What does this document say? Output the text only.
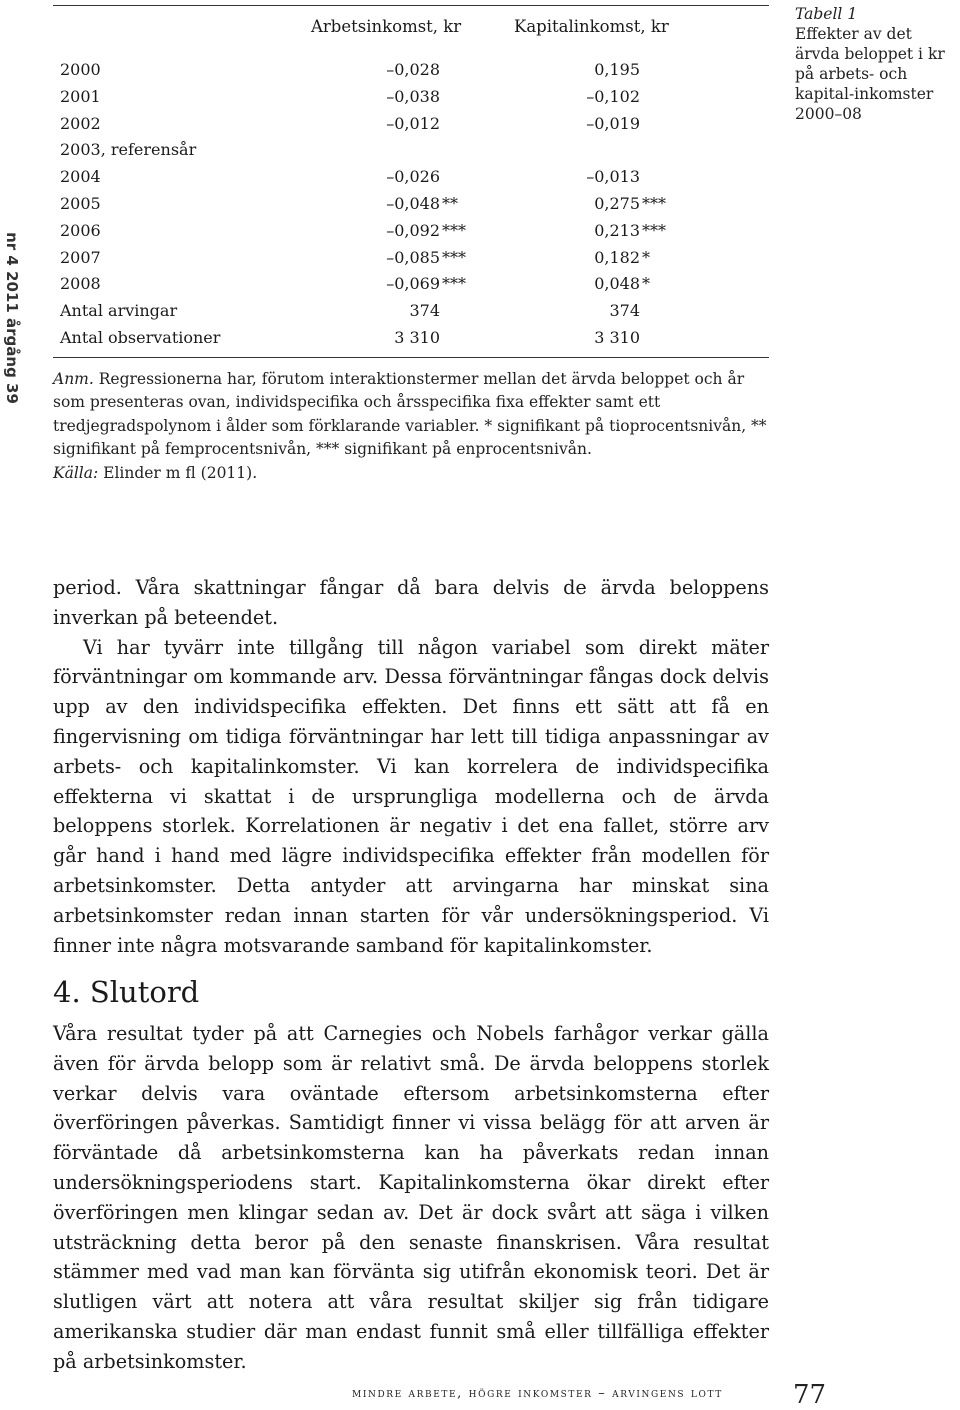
nr 4 2011 årgång 39
Arbetsinkomst, kr	Kapitalinkomst, kr
2000	–0,028	0,195
2001	–0,038	–0,102
2002	–0,012	–0,019
2003, referensår
2004	–0,026	–0,013
2005	–0,048 **	0,275 ***
2006	–0,092 ***	0,213 ***
2007	–0,085 ***	0,182 *
2008	–0,069 ***	0,048 *
Antal arvingar	374	374
Antal observationer	3 310	3 310
Tabell 1
Effekter av det ärvda beloppet i kr på arbets- och kapital-inkomster 2000–08

Anm. Regressionerna har, förutom interaktionstermer mellan det ärvda beloppet och år som presenteras ovan, individspecifika och årsspecifika fixa effekter samt ett tredjegradspolynom i ålder som förklarande variabler. * signifikant på tioprocentsnivån, ** signifikant på femprocentsnivån, *** signifikant på enprocentsnivån.

Källa: Elinder m fl (2011).

period. Våra skattningar fångar då bara delvis de ärvda beloppens inverkan på beteendet.

Vi har tyvärr inte tillgång till någon variabel som direkt mäter förväntningar om kommande arv. Dessa förväntningar fångas dock delvis upp av den individspecifika effekten. Det finns ett sätt att få en fingervisning om tidiga förväntningar har lett till tidiga anpassningar av arbets- och kapitalinkomster. Vi kan korrelera de individspecifika effekterna vi skattat i de ursprungliga modellerna och de ärvda beloppens storlek. Korrelationen är negativ i det ena fallet, större arv går hand i hand med lägre individspecifika effekter från modellen för arbetsinkomster. Detta antyder att arvingarna har minskat sina arbetsinkomster redan innan starten för vår undersökningsperiod. Vi finner inte några motsvarande samband för kapitalinkomster.

4. Slutord

Våra resultat tyder på att Carnegies och Nobels farhågor verkar gälla även för ärvda belopp som är relativt små. De ärvda beloppens storlek verkar delvis vara oväntade eftersom arbetsinkomsterna efter överföringen påverkas. Samtidigt finner vi vissa belägg för att arven är förväntade då arbetsinkomsterna kan ha påverkats redan innan undersökningsperiodens start. Kapitalinkomsterna ökar direkt efter överföringen men klingar sedan av. Det är dock svårt att säga i vilken utsträckning detta beror på den senaste finanskrisen. Våra resultat stämmer med vad man kan förvänta sig utifrån ekonomisk teori. Det är slutligen värt att notera att våra resultat skiljer sig från tidigare amerikanska studier där man endast funnit små eller tillfälliga effekter på arbetsinkomster.

mindre arbete, högre inkomster – arvingens lott	77
